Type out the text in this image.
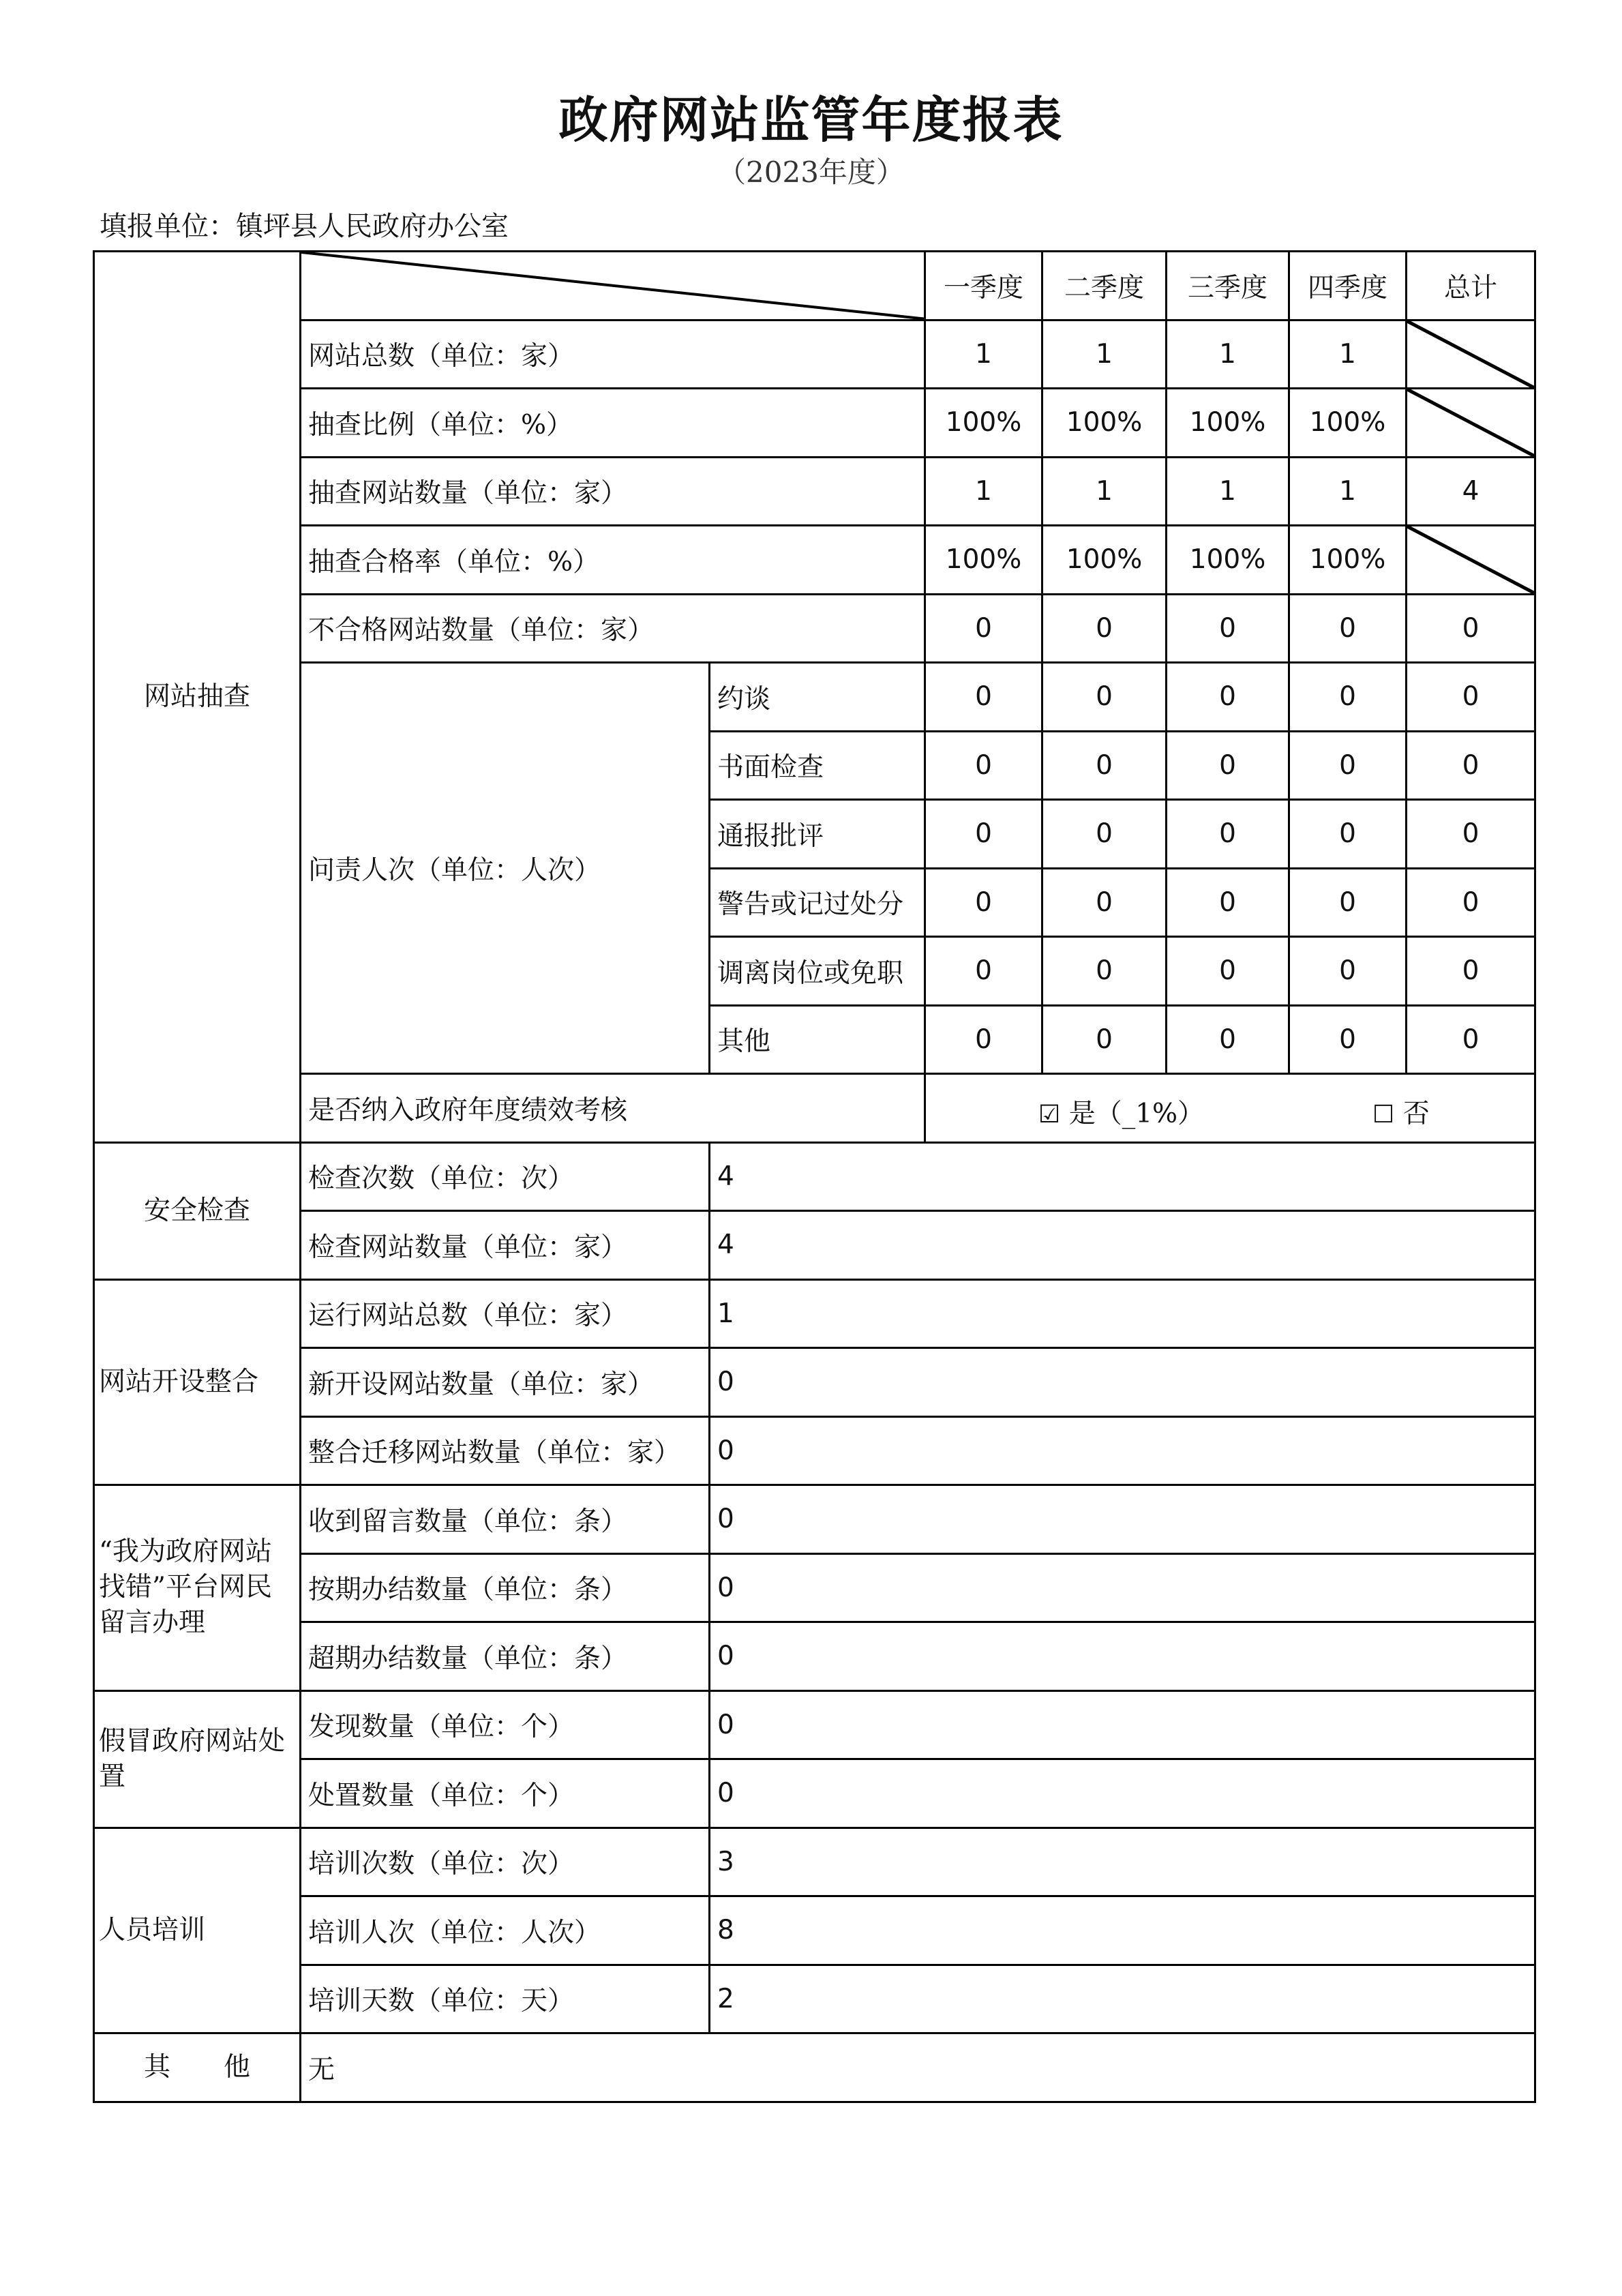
政府网站监管年度报表
（2023年度）
填报单位：镇坪县人民政府办公室
网站抽查			一季度	二季度	三季度	四季度	总计
	网站总数（单位：家）		1	1	1	1	

	抽查比例（单位：%）		100%	100%	100%	100%	

	抽查网站数量（单位：家）		1	1	1	1	4
	抽查合格率（单位：%）		100%	100%	100%	100%	

	不合格网站数量（单位：家）		0	0	0	0	0
	问责人次（单位：人次）	约谈	0	0	0	0	0
		书面检查	0	0	0	0	0
		通报批评	0	0	0	0	0
		警告或记过处分	0	0	0	0	0
		调离岗位或免职	0	0	0	0	0
		其他	0	0	0	0	0
	是否纳入政府年度绩效考核		☑ 是（_1%） ☐ 否				

安全检查	检查次数（单位：次）	4					
	检查网站数量（单位：家）	4					
网站开设整合	运行网站总数（单位：家）	1					
	新开设网站数量（单位：家）	0					
	整合迁移网站数量（单位：家）	0					
“我为政府网站找错”平台网民留言办理	收到留言数量（单位：条）	0					
	按期办结数量（单位：条）	0					
	超期办结数量（单位：条）	0					
假冒政府网站处置	发现数量（单位：个）	0					
	处置数量（单位：个）	0					
人员培训	培训次数（单位：次）	3					
	培训人次（单位：人次）	8					
	培训天数（单位：天）	2					
其　　他	无						
